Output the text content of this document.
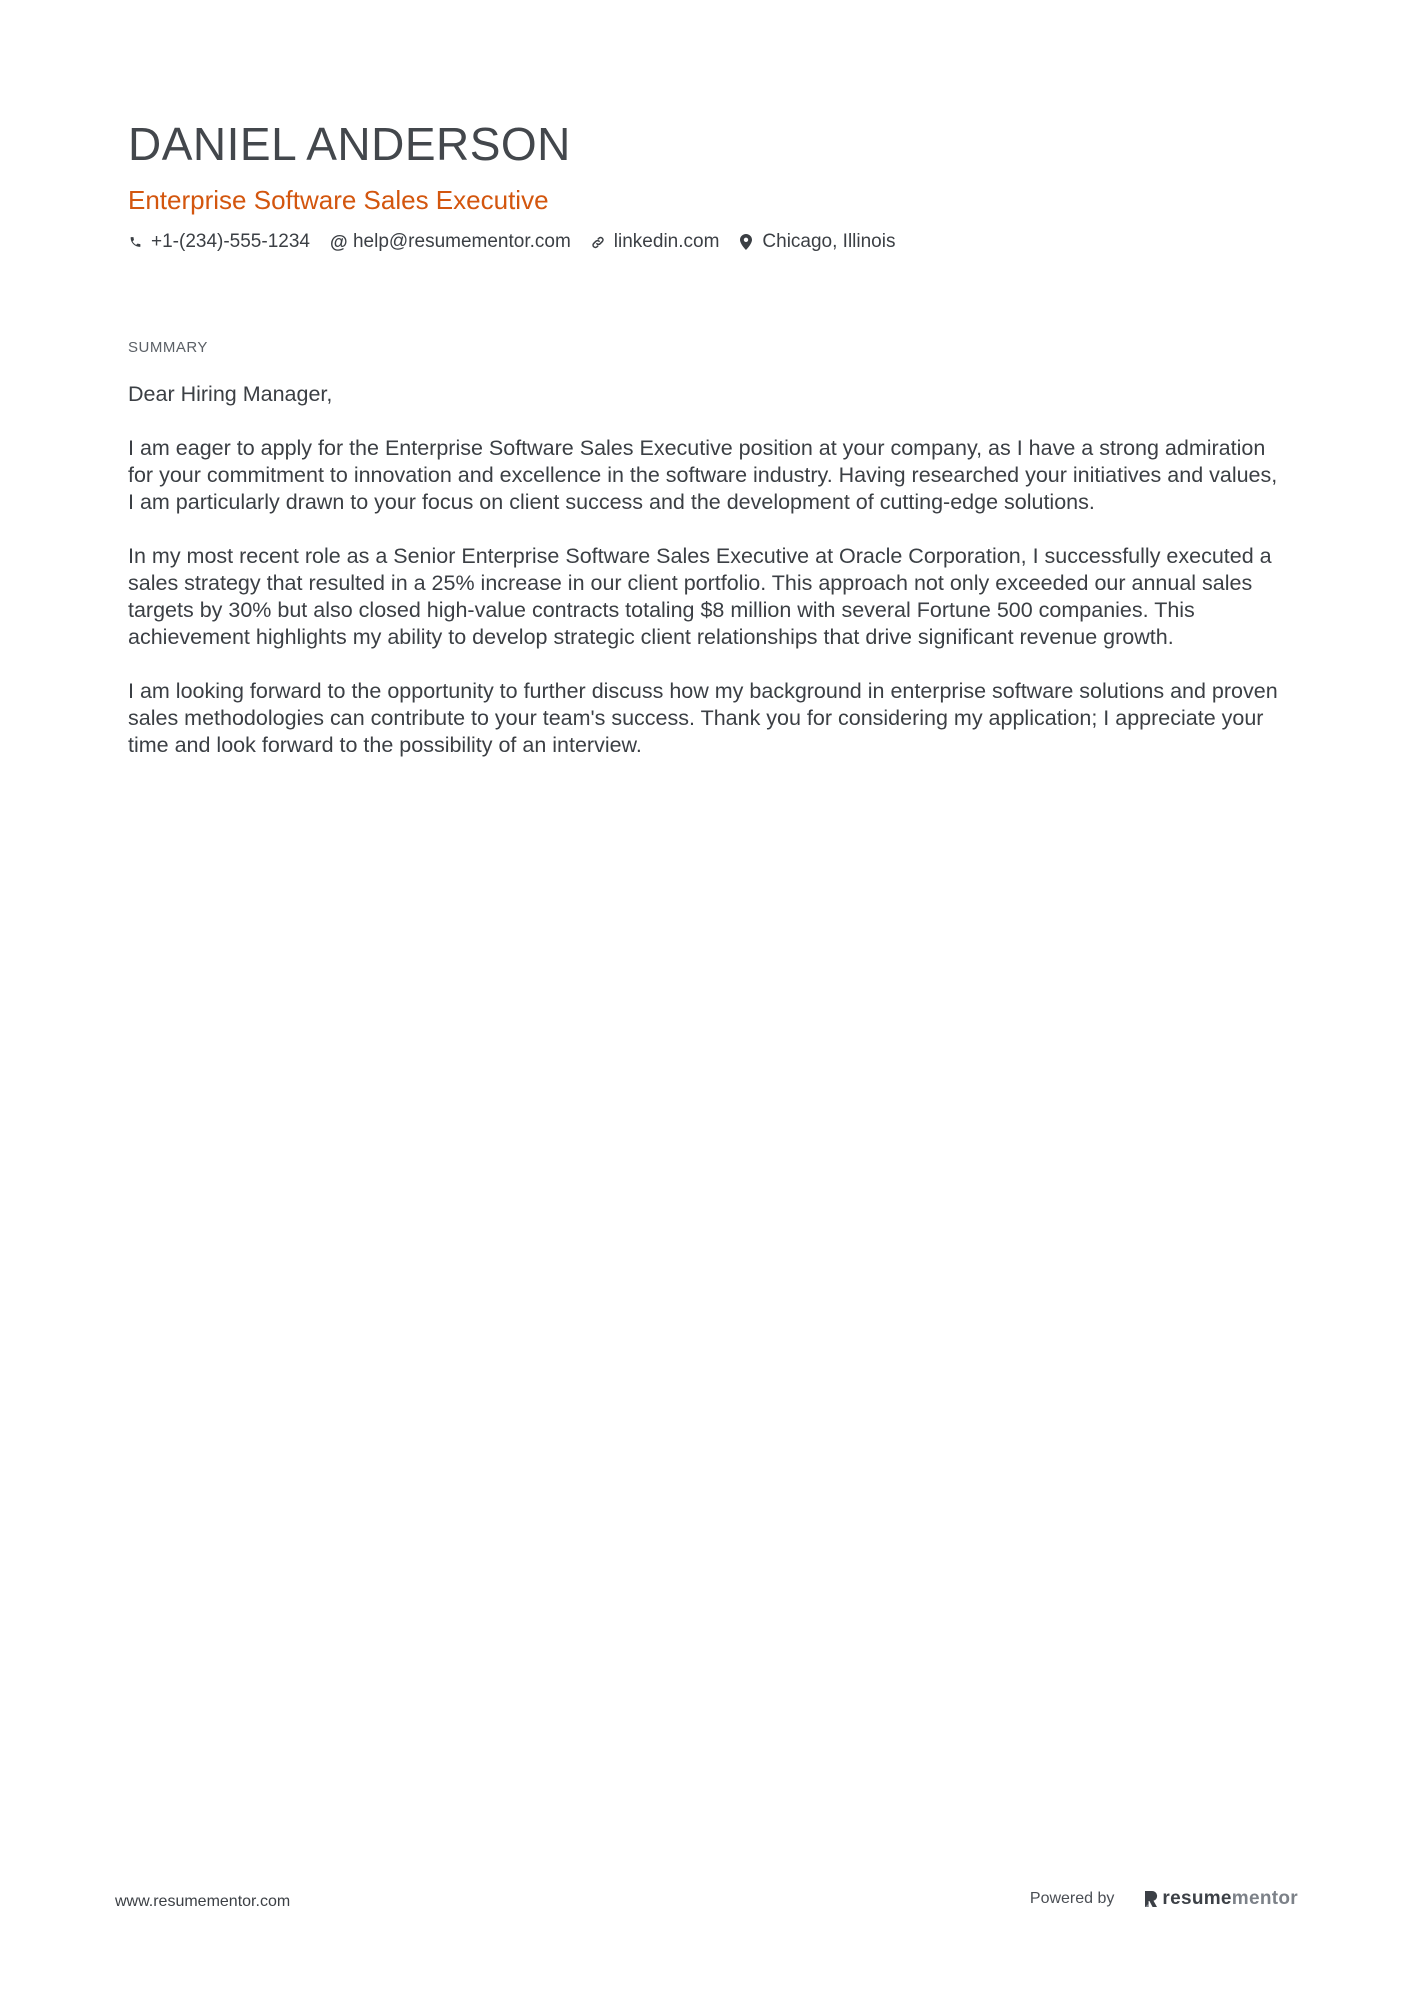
DANIEL ANDERSON
Enterprise Software Sales Executive
+1-(234)-555-1234 @ help@resumementor.com linkedin.com Chicago, Illinois
SUMMARY

Dear Hiring Manager,

I am eager to apply for the Enterprise Software Sales Executive position at your company, as I have a strong admiration for your commitment to innovation and excellence in the software industry. Having researched your initiatives and values, I am particularly drawn to your focus on client success and the development of cutting-edge solutions.

In my most recent role as a Senior Enterprise Software Sales Executive at Oracle Corporation, I successfully executed a sales strategy that resulted in a 25% increase in our client portfolio. This approach not only exceeded our annual sales targets by 30% but also closed high-value contracts totaling $8 million with several Fortune 500 companies. This achievement highlights my ability to develop strategic client relationships that drive significant revenue growth.

I am looking forward to the opportunity to further discuss how my background in enterprise software solutions and proven sales methodologies can contribute to your team's success. Thank you for considering my application; I appreciate your time and look forward to the possibility of an interview.

www.resumementor.com	Powered by	resumementor
